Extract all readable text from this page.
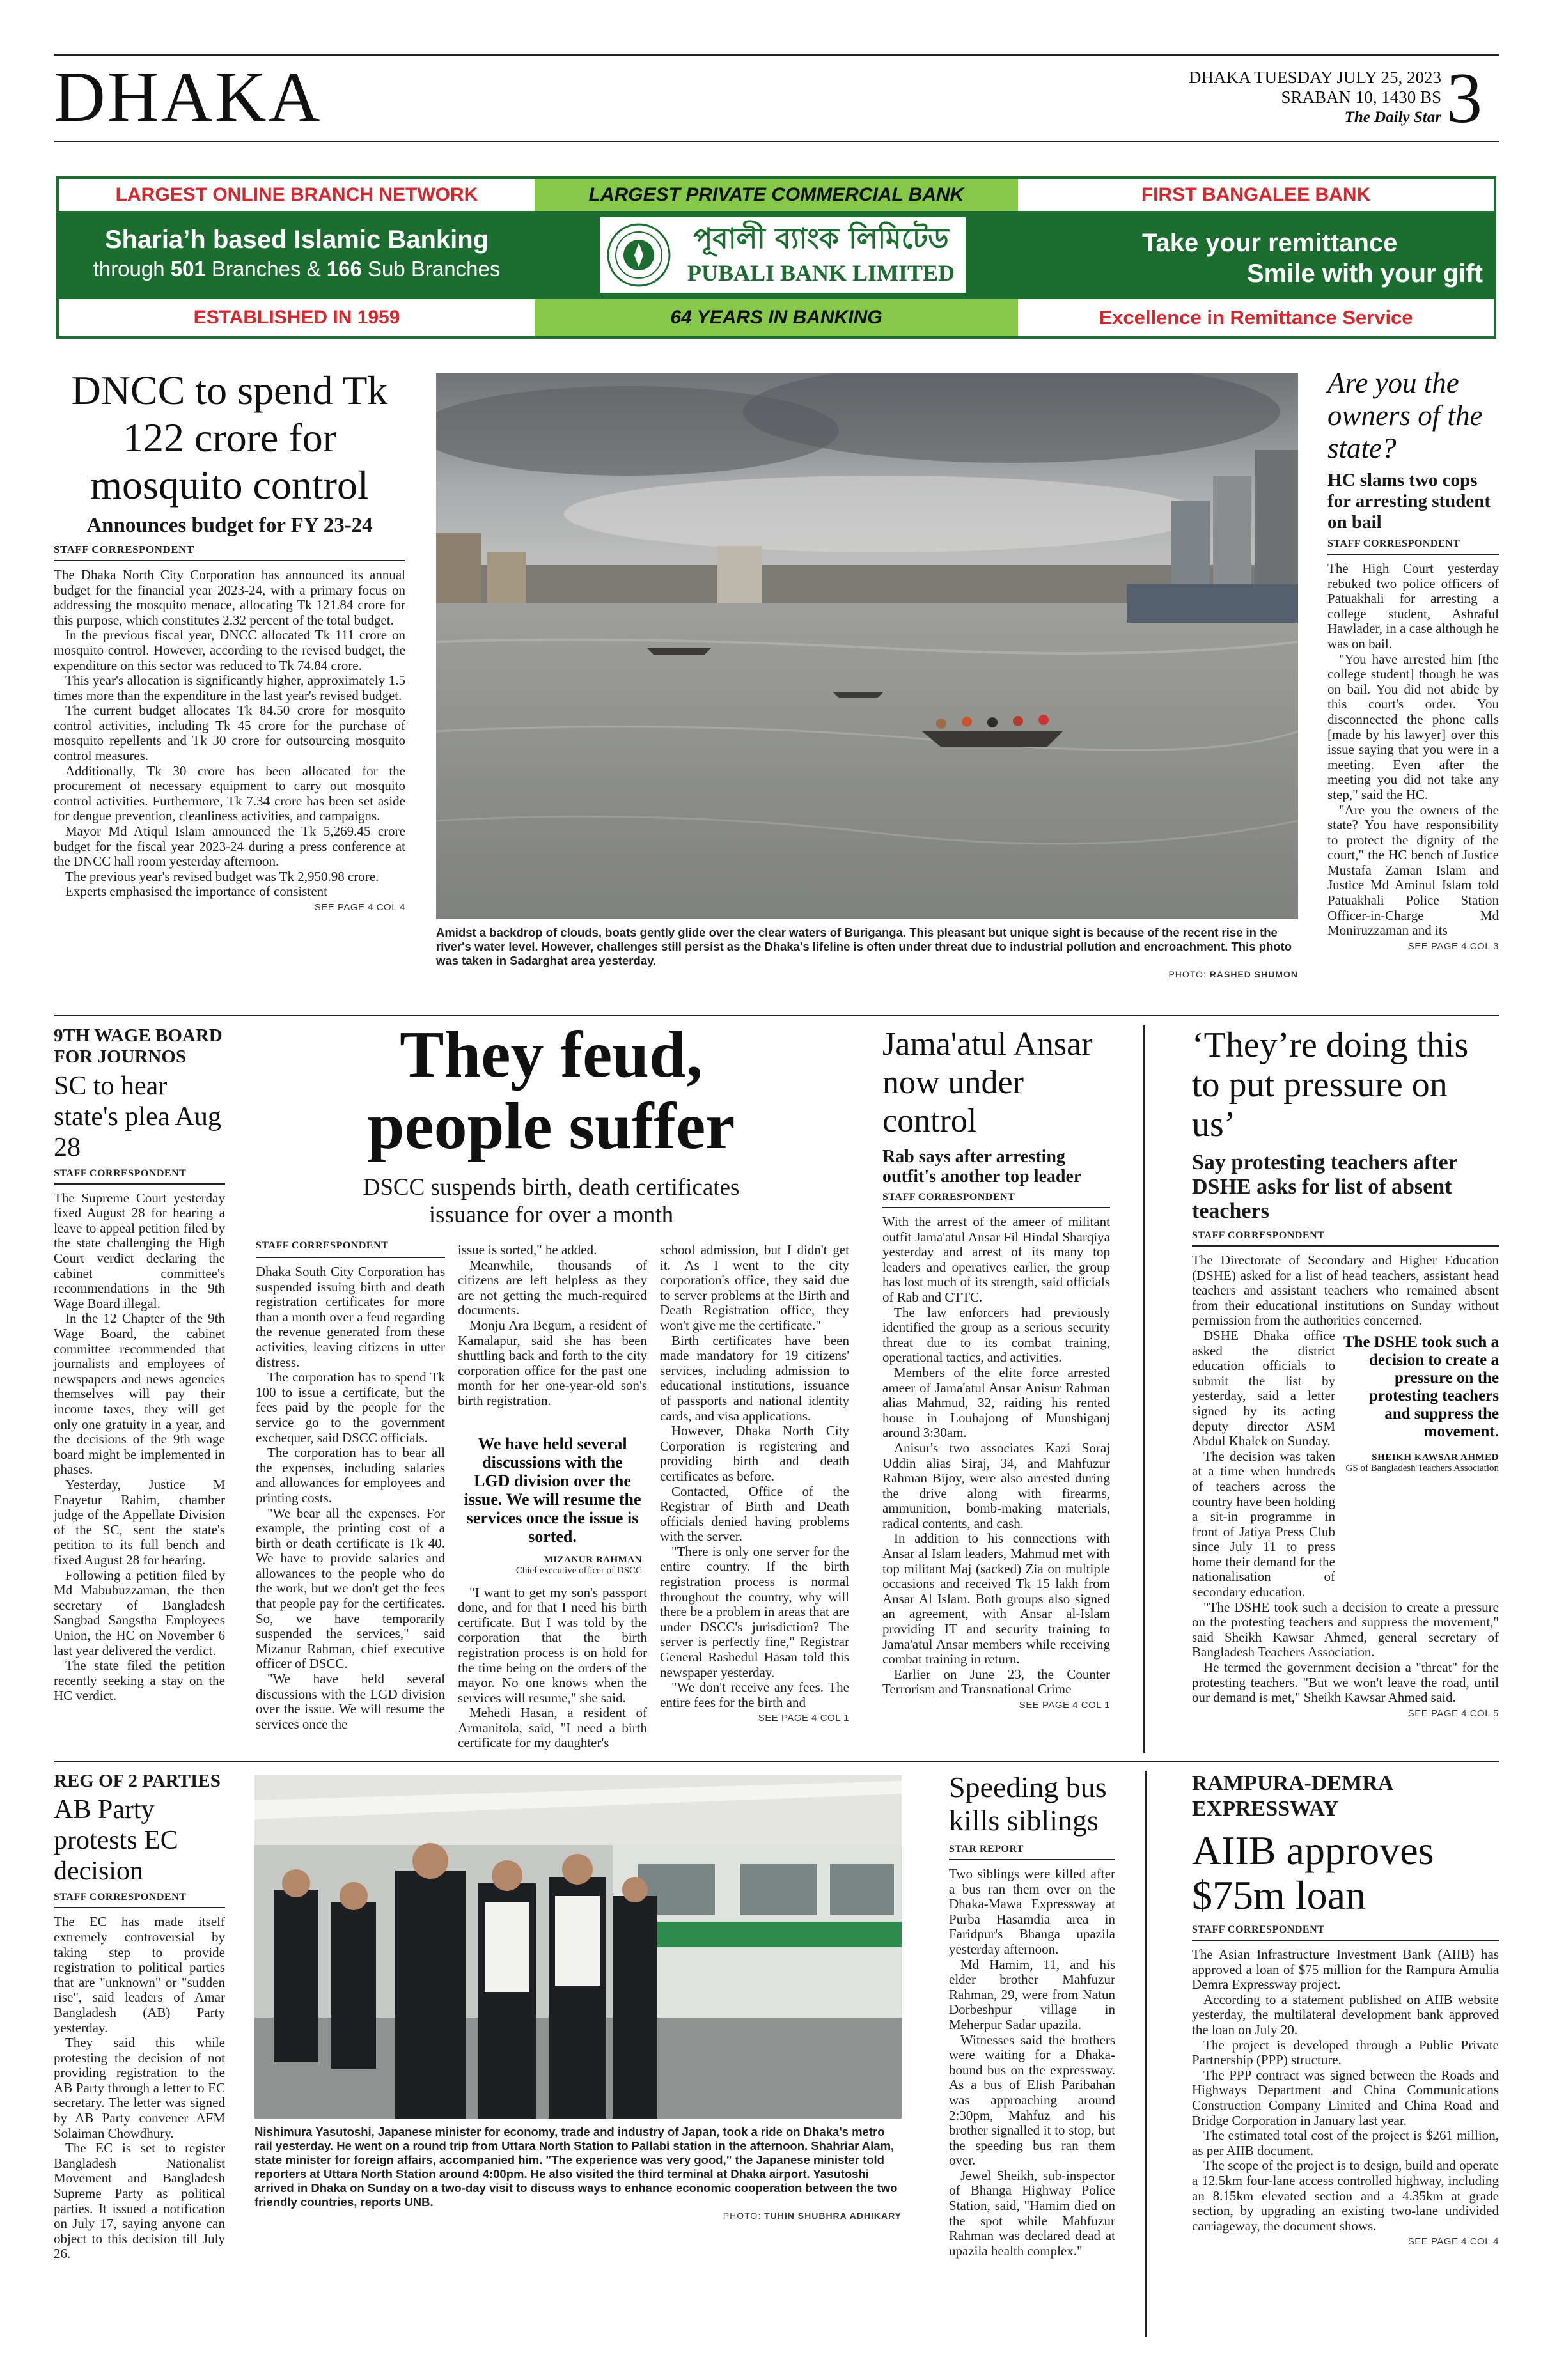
DHAKA	DHAKA TUESDAY JULY 25, 2023
SRABAN 10, 1430 BS
The Daily Star 3
LARGEST ONLINE BRANCH NETWORK	LARGEST PRIVATE COMMERCIAL BANK	FIRST BANGALEE BANK
Sharia’h based Islamic Banking
through 501 Branches & 166 Sub Branches
পূবালী ব্যাংক লিমিটেড
PUBALI BANK LIMITED
Take your remittance
Smile with your gift
ESTABLISHED IN 1959	64 YEARS IN BANKING	Excellence in Remittance Service
DNCC to spend Tk 122 crore for mosquito control
Announces budget for FY 23-24
STAFF CORRESPONDENT

The Dhaka North City Corporation has announced its annual budget for the financial year 2023-24, with a primary focus on addressing the mosquito menace, allocating Tk 121.84 crore for this purpose, which constitutes 2.32 percent of the total budget.

In the previous fiscal year, DNCC allocated Tk 111 crore on mosquito control. However, according to the revised budget, the expenditure on this sector was reduced to Tk 74.84 crore.

This year's allocation is significantly higher, approximately 1.5 times more than the expenditure in the last year's revised budget.

The current budget allocates Tk 84.50 crore for mosquito control activities, including Tk 45 crore for the purchase of mosquito repellents and Tk 30 crore for outsourcing mosquito control measures.

Additionally, Tk 30 crore has been allocated for the procurement of necessary equipment to carry out mosquito control activities. Furthermore, Tk 7.34 crore has been set aside for dengue prevention, cleanliness activities, and campaigns.

Mayor Md Atiqul Islam announced the Tk 5,269.45 crore budget for the fiscal year 2023-24 during a press conference at the DNCC hall room yesterday afternoon.

The previous year's revised budget was Tk 2,950.98 crore.

Experts emphasised the importance of consistent

SEE PAGE 4 COL 4
Amidst a backdrop of clouds, boats gently glide over the clear waters of Buriganga. This pleasant but unique sight is because of the recent rise in the river's water level. However, challenges still persist as the Dhaka's lifeline is often under threat due to industrial pollution and encroachment. This photo was taken in Sadarghat area yesterday.
PHOTO: RASHED SHUMON
Are you the owners of the state?
HC slams two cops for arresting student on bail
STAFF CORRESPONDENT

The High Court yesterday rebuked two police officers of Patuakhali for arresting a college student, Ashraful Hawlader, in a case although he was on bail.

"You have arrested him [the college student] though he was on bail. You did not abide by this court's order. You disconnected the phone calls [made by his lawyer] over this issue saying that you were in a meeting. Even after the meeting you did not take any step," said the HC.

"Are you the owners of the state? You have responsibility to protect the dignity of the court," the HC bench of Justice Mustafa Zaman Islam and Justice Md Aminul Islam told Patuakhali Police Station Officer-in-Charge Md Moniruzzaman and its

SEE PAGE 4 COL 3
9TH WAGE BOARD FOR JOURNOS
SC to hear state's plea Aug 28
STAFF CORRESPONDENT

The Supreme Court yesterday fixed August 28 for hearing a leave to appeal petition filed by the state challenging the High Court verdict declaring the cabinet committee's recommendations in the 9th Wage Board illegal.

In the 12 Chapter of the 9th Wage Board, the cabinet committee recommended that journalists and employees of newspapers and news agencies themselves will pay their income taxes, they will get only one gratuity in a year, and the decisions of the 9th wage board might be implemented in phases.

Yesterday, Justice M Enayetur Rahim, chamber judge of the Appellate Division of the SC, sent the state's petition to its full bench and fixed August 28 for hearing.

Following a petition filed by Md Mabubuzzaman, the then secretary of Bangladesh Sangbad Sangstha Employees Union, the HC on November 6 last year delivered the verdict.

The state filed the petition recently seeking a stay on the HC verdict.

They feud,
people suffer
DSCC suspends birth, death certificates issuance for over a month
STAFF CORRESPONDENT

Dhaka South City Corporation has suspended issuing birth and death registration certificates for more than a month over a feud regarding the revenue generated from these activities, leaving citizens in utter distress.

The corporation has to spend Tk 100 to issue a certificate, but the fees paid by the people for the service go to the government exchequer, said DSCC officials.

The corporation has to bear all the expenses, including salaries and allowances for employees and printing costs.

"We bear all the expenses. For example, the printing cost of a birth or death certificate is Tk 40. We have to provide salaries and allowances to the people who do the work, but we don't get the fees that people pay for the certificates. So, we have temporarily suspended the services," said Mizanur Rahman, chief executive officer of DSCC.

"We have held several discussions with the LGD division over the issue. We will resume the services once the

issue is sorted," he added.

Meanwhile, thousands of citizens are left helpless as they are not getting the much-required documents.

Monju Ara Begum, a resident of Kamalapur, said she has been shuttling back and forth to the city corporation office for the past one month for her one-year-old son's birth registration.

We have held several discussions with the LGD division over the issue. We will resume the services once the issue is sorted.
MIZANUR RAHMAN
Chief executive officer of DSCC

"I want to get my son's passport done, and for that I need his birth certificate. But I was told by the corporation that the birth registration process is on hold for the time being on the orders of the mayor. No one knows when the services will resume," she said.

Mehedi Hasan, a resident of Armanitola, said, "I need a birth certificate for my daughter's

school admission, but I didn't get it. As I went to the city corporation's office, they said due to server problems at the Birth and Death Registration office, they won't give me the certificate."

Birth certificates have been made mandatory for 19 citizens' services, including admission to educational institutions, issuance of passports and national identity cards, and visa applications.

However, Dhaka North City Corporation is registering and providing birth and death certificates as before.

Contacted, Office of the Registrar of Birth and Death officials denied having problems with the server.

"There is only one server for the entire country. If the birth registration process is normal throughout the country, why will there be a problem in areas that are under DSCC's jurisdiction? The server is perfectly fine," Registrar General Rashedul Hasan told this newspaper yesterday.

"We don't receive any fees. The entire fees for the birth and

SEE PAGE 4 COL 1
Jama'atul Ansar now under control
Rab says after arresting outfit's another top leader
STAFF CORRESPONDENT

With the arrest of the ameer of militant outfit Jama'atul Ansar Fil Hindal Sharqiya yesterday and arrest of its many top leaders and operatives earlier, the group has lost much of its strength, said officials of Rab and CTTC.

The law enforcers had previously identified the group as a serious security threat due to its combat training, operational tactics, and activities.

Members of the elite force arrested ameer of Jama'atul Ansar Anisur Rahman alias Mahmud, 32, raiding his rented house in Louhajong of Munshiganj around 3:30am.

Anisur's two associates Kazi Soraj Uddin alias Siraj, 34, and Mahfuzur Rahman Bijoy, were also arrested during the drive along with firearms, ammunition, bomb-making materials, radical contents, and cash.

In addition to his connections with Ansar al Islam leaders, Mahmud met with top militant Maj (sacked) Zia on multiple occasions and received Tk 15 lakh from Ansar Al Islam. Both groups also signed an agreement, with Ansar al-Islam providing IT and security training to Jama'atul Ansar members while receiving combat training in return.

Earlier on June 23, the Counter Terrorism and Transnational Crime

SEE PAGE 4 COL 1
‘They’re doing this to put pressure on us’
Say protesting teachers after DSHE asks for list of absent teachers
STAFF CORRESPONDENT

The Directorate of Secondary and Higher Education (DSHE) asked for a list of head teachers, assistant head teachers and assistant teachers who remained absent from their educational institutions on Sunday without permission from the authorities concerned.

DSHE Dhaka office asked the district education officials to submit the list by yesterday, said a letter signed by its acting deputy director ASM Abdul Khalek on Sunday.

The decision was taken at a time when hundreds of teachers across the country have been holding a sit-in programme in front of Jatiya Press Club since July 11 to press home their demand for the nationalisation of secondary education.

The DSHE took such a decision to create a pressure on the protesting teachers and suppress the movement.
SHEIKH KAWSAR AHMED
GS of Bangladesh Teachers Association

"The DSHE took such a decision to create a pressure on the protesting teachers and suppress the movement," said Sheikh Kawsar Ahmed, general secretary of Bangladesh Teachers Association.

He termed the government decision a "threat" for the protesting teachers. "But we won't leave the road, until our demand is met," Sheikh Kawsar Ahmed said.

SEE PAGE 4 COL 5
REG OF 2 PARTIES
AB Party protests EC decision
STAFF CORRESPONDENT

The EC has made itself extremely controversial by taking step to provide registration to political parties that are "unknown" or "sudden rise", said leaders of Amar Bangladesh (AB) Party yesterday.

They said this while protesting the decision of not providing registration to the AB Party through a letter to EC secretary. The letter was signed by AB Party convener AFM Solaiman Chowdhury.

The EC is set to register Bangladesh Nationalist Movement and Bangladesh Supreme Party as political parties. It issued a notification on July 17, saying anyone can object to this decision till July 26.

Nishimura Yasutoshi, Japanese minister for economy, trade and industry of Japan, took a ride on Dhaka's metro rail yesterday. He went on a round trip from Uttara North Station to Pallabi station in the afternoon. Shahriar Alam, state minister for foreign affairs, accompanied him. "The experience was very good," the Japanese minister told reporters at Uttara North Station around 4:00pm. He also visited the third terminal at Dhaka airport. Yasutoshi arrived in Dhaka on Sunday on a two-day visit to discuss ways to enhance economic cooperation between the two friendly countries, reports UNB.
PHOTO: TUHIN SHUBHRA ADHIKARY
Speeding bus kills siblings
STAR REPORT

Two siblings were killed after a bus ran them over on the Dhaka-Mawa Expressway at Purba Hasamdia area in Faridpur's Bhanga upazila yesterday afternoon.

Md Hamim, 11, and his elder brother Mahfuzur Rahman, 29, were from Natun Dorbeshpur village in Meherpur Sadar upazila.

Witnesses said the brothers were waiting for a Dhaka-bound bus on the expressway. As a bus of Elish Paribahan was approaching around 2:30pm, Mahfuz and his brother signalled it to stop, but the speeding bus ran them over.

Jewel Sheikh, sub-inspector of Bhanga Highway Police Station, said, "Hamim died on the spot while Mahfuzur Rahman was declared dead at upazila health complex."

RAMPURA-DEMRA EXPRESSWAY
AIIB approves $75m loan
STAFF CORRESPONDENT

The Asian Infrastructure Investment Bank (AIIB) has approved a loan of $75 million for the Rampura Amulia Demra Expressway project.

According to a statement published on AIIB website yesterday, the multilateral development bank approved the loan on July 20.

The project is developed through a Public Private Partnership (PPP) structure.

The PPP contract was signed between the Roads and Highways Department and China Communications Construction Company Limited and China Road and Bridge Corporation in January last year.

The estimated total cost of the project is $261 million, as per AIIB document.

The scope of the project is to design, build and operate a 12.5km four-lane access controlled highway, including an 8.15km elevated section and a 4.35km at grade section, by upgrading an existing two-lane undivided carriageway, the document shows.

SEE PAGE 4 COL 4
